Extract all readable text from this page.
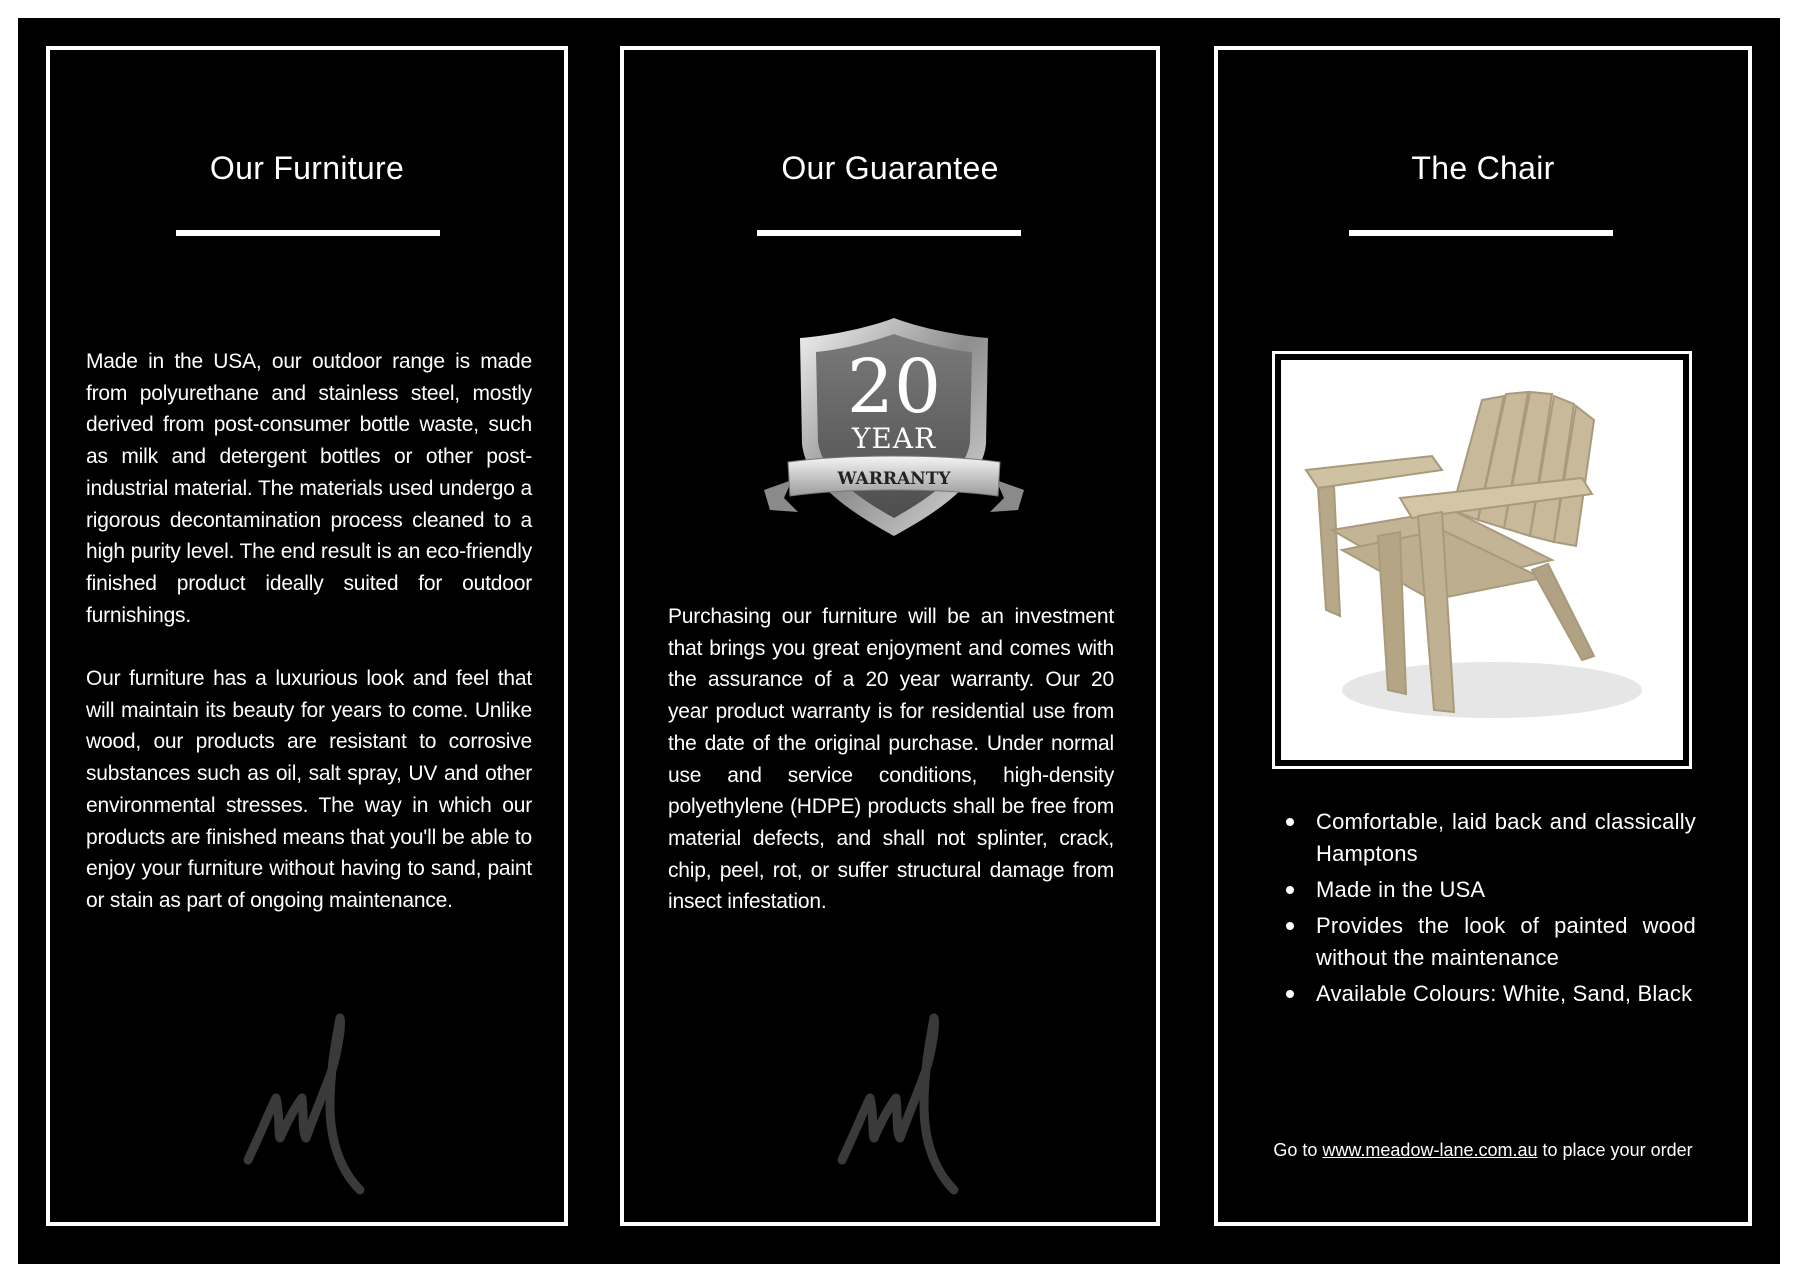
Our Furniture

Made in the USA, our outdoor range is made from polyurethane and stainless steel, mostly derived from post-consumer bottle waste, such as milk and detergent bottles or other post-industrial material. The materials used undergo a rigorous decontamination process cleaned to a high purity level. The end result is an eco-friendly finished product ideally suited for outdoor furnishings.

Our furniture has a luxurious look and feel that will maintain its beauty for years to come. Unlike wood, our products are resistant to corrosive substances such as oil, salt spray, UV and other environmental stresses. The way in which our products are finished means that you'll be able to enjoy your furniture without having to sand, paint or stain as part of ongoing maintenance.

Our Guarantee
20
YEAR
WARRANTY

Purchasing our furniture will be an investment that brings you great enjoyment and comes with the assurance of a 20 year warranty. Our 20 year product warranty is for residential use from the date of the original purchase. Under normal use and service conditions, high-density polyethylene (HDPE) products shall be free from material defects, and shall not splinter, crack, chip, peel, rot, or suffer structural damage from insect infestation.

The Chair
Comfortable, laid back and classically Hamptons
Made in the USA
Provides the look of painted wood without the maintenance
Available Colours: White, Sand, Black
Go to www.meadow-lane.com.au to place your order
